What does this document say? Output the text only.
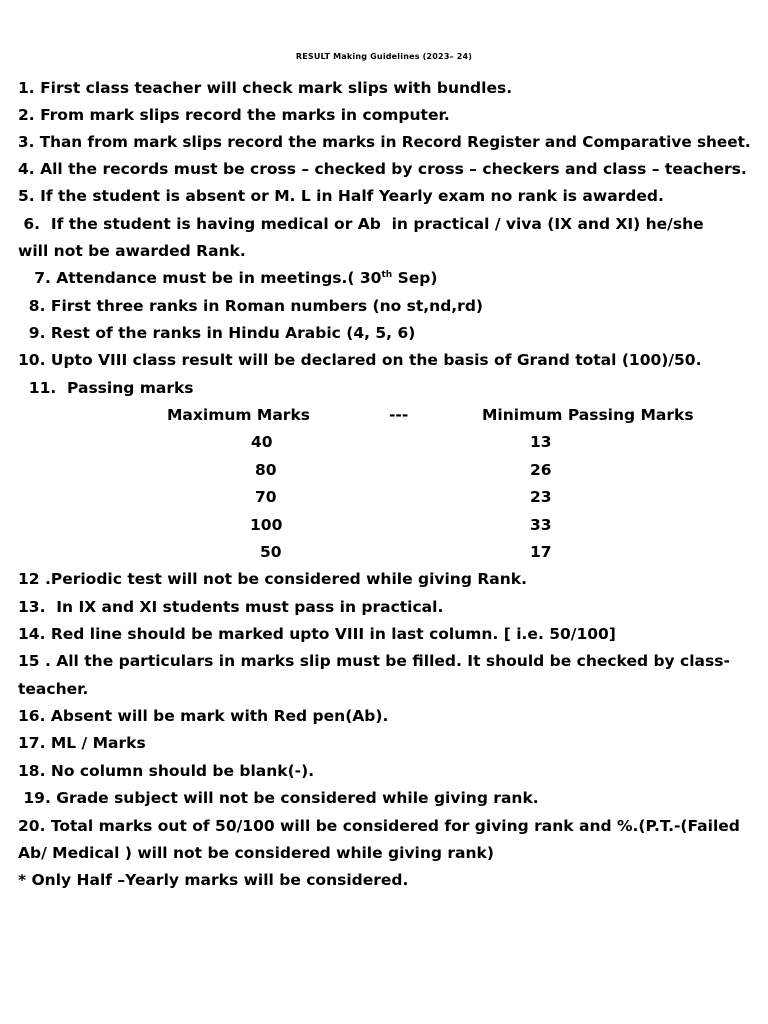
RESULT Making Guidelines (2023– 24)
1. First class teacher will check mark slips with bundles.
2. From mark slips record the marks in computer.
3. Than from mark slips record the marks in Record Register and Comparative sheet.
4. All the records must be cross – checked by cross – checkers and class – teachers.
5. If the student is absent or M. L in Half Yearly exam no rank is awarded.
6.  If the student is having medical or Ab  in practical / viva (IX and XI) he/she
will not be awarded Rank.
7. Attendance must be in meetings.( 30th Sep)
8. First three ranks in Roman numbers (no st,nd,rd)
9. Rest of the ranks in Hindu Arabic (4, 5, 6)
10. Upto VIII class result will be declared on the basis of Grand total (100)/50.
11.  Passing marks
Maximum Marks	---	Minimum Passing Marks
40	13
80	26
70	23
100	33
50	17
12 .Periodic test will not be considered while giving Rank.
13.  In IX and XI students must pass in practical.
14. Red line should be marked upto VIII in last column. [ i.e. 50/100]
15 . All the particulars in marks slip must be filled. It should be checked by class-
teacher.
16. Absent will be mark with Red pen(Ab).
17. ML / Marks
18. No column should be blank(-).
19. Grade subject will not be considered while giving rank.
20. Total marks out of 50/100 will be considered for giving rank and %.(P.T.-(Failed
Ab/ Medical ) will not be considered while giving rank)
* Only Half –Yearly marks will be considered.
